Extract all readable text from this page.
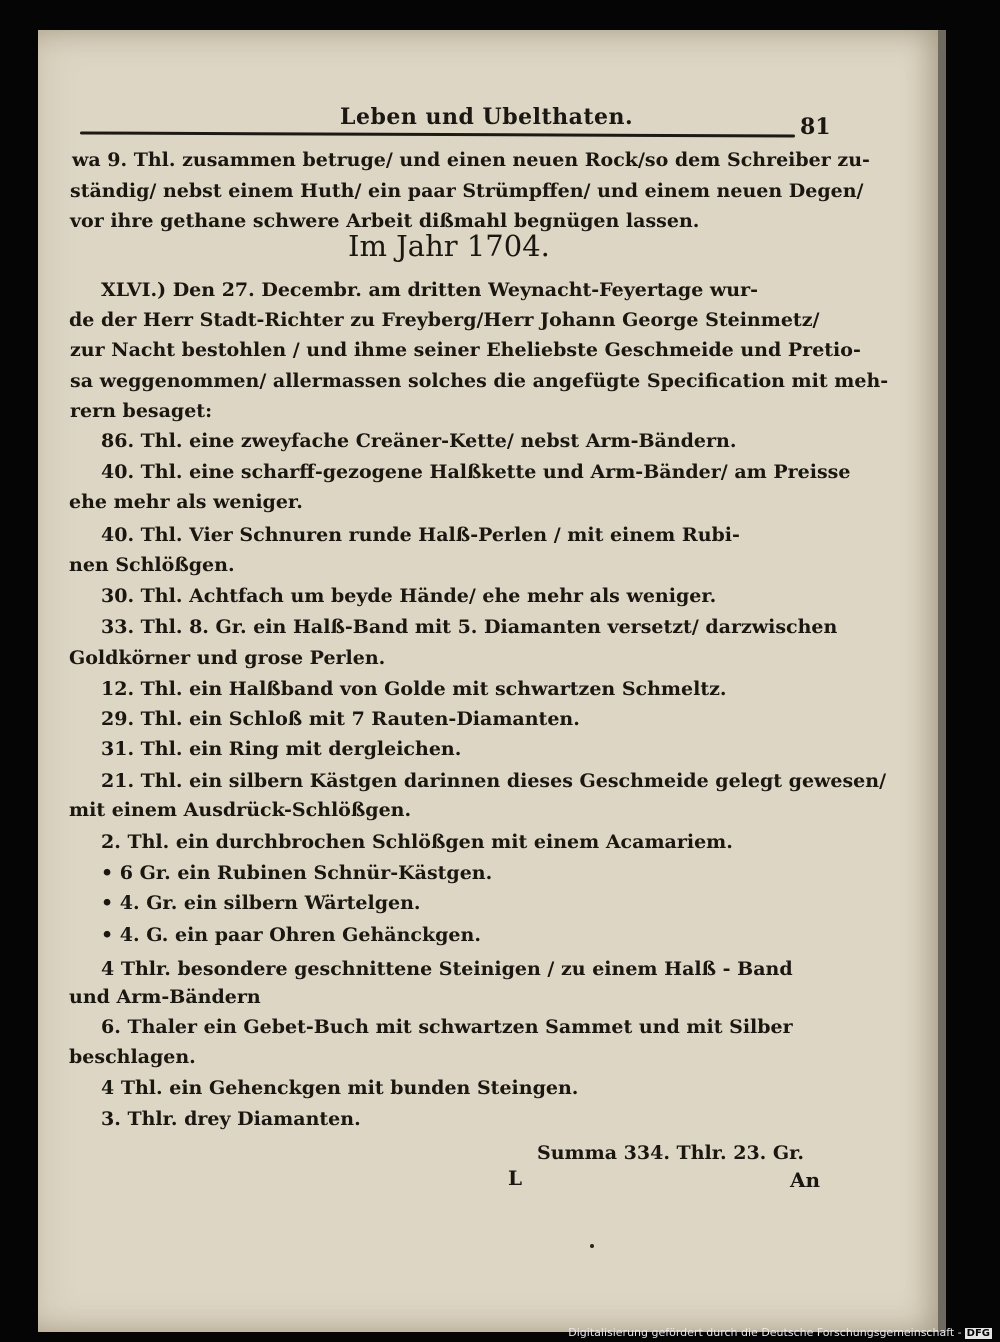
Leben und Ubelthaten.	81
wa 9. Thl. zusammen betruge/ und einen neuen Rock/so dem Schreiber zu-
ständig/ nebst einem Huth/ ein paar Strümpffen/ und einem neuen Degen/
vor ihre gethane schwere Arbeit dißmahl begnügen lassen.
Im Jahr 1704.
XLVI.) Den 27. Decembr. am dritten Weynacht-Feyertage wur-
de der Herr Stadt-Richter zu Freyberg/Herr Johann George Steinmetz/
zur Nacht bestohlen / und ihme seiner Eheliebste Geschmeide und Pretio-
sa weggenommen/ allermassen solches die angefügte Specification mit meh-
rern besaget:
86. Thl. eine zweyfache Creäner-Kette/ nebst Arm-Bändern.
40. Thl. eine scharff-gezogene Halßkette und Arm-Bänder/ am Preisse
ehe mehr als weniger.
40. Thl. Vier Schnuren runde Halß-Perlen / mit einem Rubi-
nen Schlößgen.
30. Thl. Achtfach um beyde Hände/ ehe mehr als weniger.
33. Thl. 8. Gr. ein Halß-Band mit 5. Diamanten versetzt/ darzwischen
Goldkörner und grose Perlen.
12. Thl. ein Halßband von Golde mit schwartzen Schmeltz.
29. Thl. ein Schloß mit 7 Rauten-Diamanten.
31. Thl. ein Ring mit dergleichen.
21. Thl. ein silbern Kästgen darinnen dieses Geschmeide gelegt gewesen/
mit einem Ausdrück-Schlößgen.
2. Thl. ein durchbrochen Schlößgen mit einem Acamariem.
• 6 Gr. ein Rubinen Schnür-Kästgen.
• 4. Gr. ein silbern Wärtelgen.
• 4. G. ein paar Ohren Gehänckgen.
4 Thlr. besondere geschnittene Steinigen / zu einem Halß - Band
und Arm-Bändern
6. Thaler ein Gebet-Buch mit schwartzen Sammet und mit Silber
beschlagen.
4 Thl. ein Gehenckgen mit bunden Steingen.
3. Thlr. drey Diamanten.
Summa 334. Thlr. 23. Gr.
L	An
Digitalisierung gefördert durch die Deutsche Forschungsgemeinschaft - DFG
